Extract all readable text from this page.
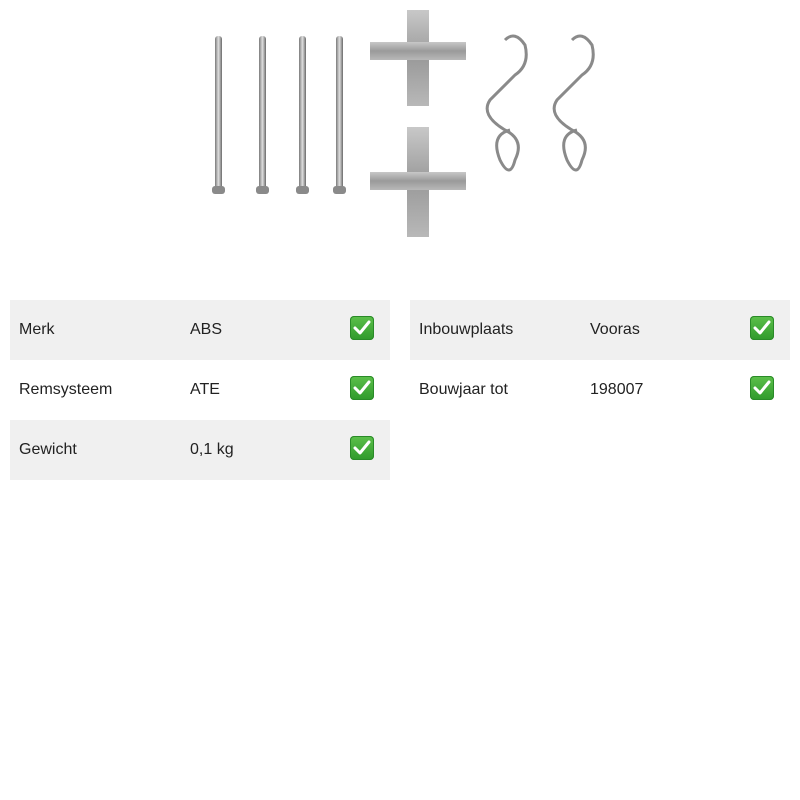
Merk	ABS
Remsysteem	ATE
Gewicht	0,1 kg
Inbouwplaats	Vooras
Bouwjaar tot	198007
